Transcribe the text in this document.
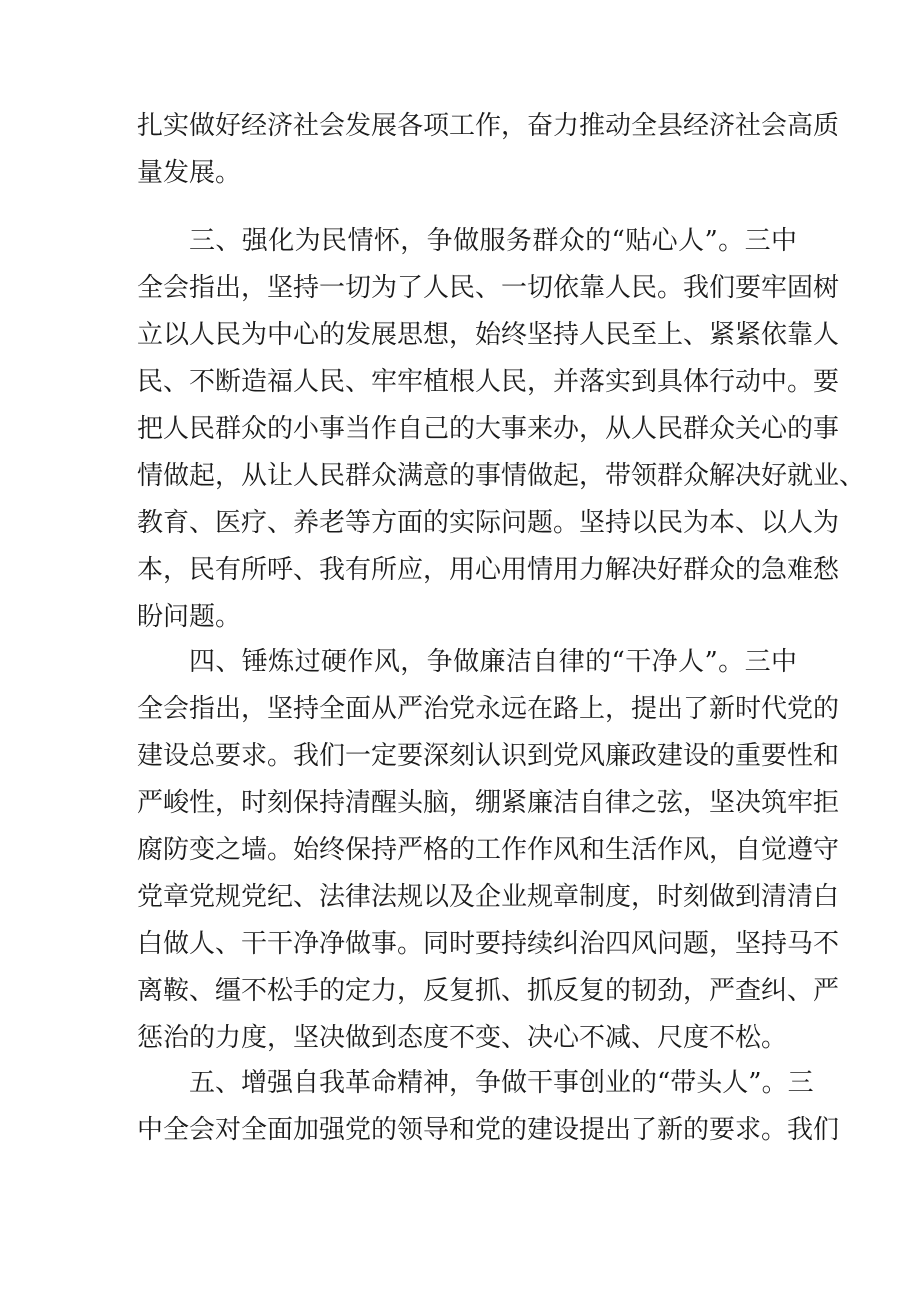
扎实做好经济社会发展各项工作，奋力推动全县经济社会高质
量发展。
三、强化为民情怀，争做服务群众的“贴心人”。三中
全会指出，坚持一切为了人民、一切依靠人民。我们要牢固树
立以人民为中心的发展思想，始终坚持人民至上、紧紧依靠人
民、不断造福人民、牢牢植根人民，并落实到具体行动中。要
把人民群众的小事当作自己的大事来办，从人民群众关心的事
情做起，从让人民群众满意的事情做起，带领群众解决好就业、
教育、医疗、养老等方面的实际问题。坚持以民为本、以人为
本，民有所呼、我有所应，用心用情用力解决好群众的急难愁
盼问题。
四、锤炼过硬作风，争做廉洁自律的“干净人”。三中
全会指出，坚持全面从严治党永远在路上，提出了新时代党的
建设总要求。我们一定要深刻认识到党风廉政建设的重要性和
严峻性，时刻保持清醒头脑，绷紧廉洁自律之弦，坚决筑牢拒
腐防变之墙。始终保持严格的工作作风和生活作风，自觉遵守
党章党规党纪、法律法规以及企业规章制度，时刻做到清清白
白做人、干干净净做事。同时要持续纠治四风问题，坚持马不
离鞍、缰不松手的定力，反复抓、抓反复的韧劲，严查纠、严
惩治的力度，坚决做到态度不变、决心不减、尺度不松。
五、增强自我革命精神，争做干事创业的“带头人”。三
中全会对全面加强党的领导和党的建设提出了新的要求。我们
